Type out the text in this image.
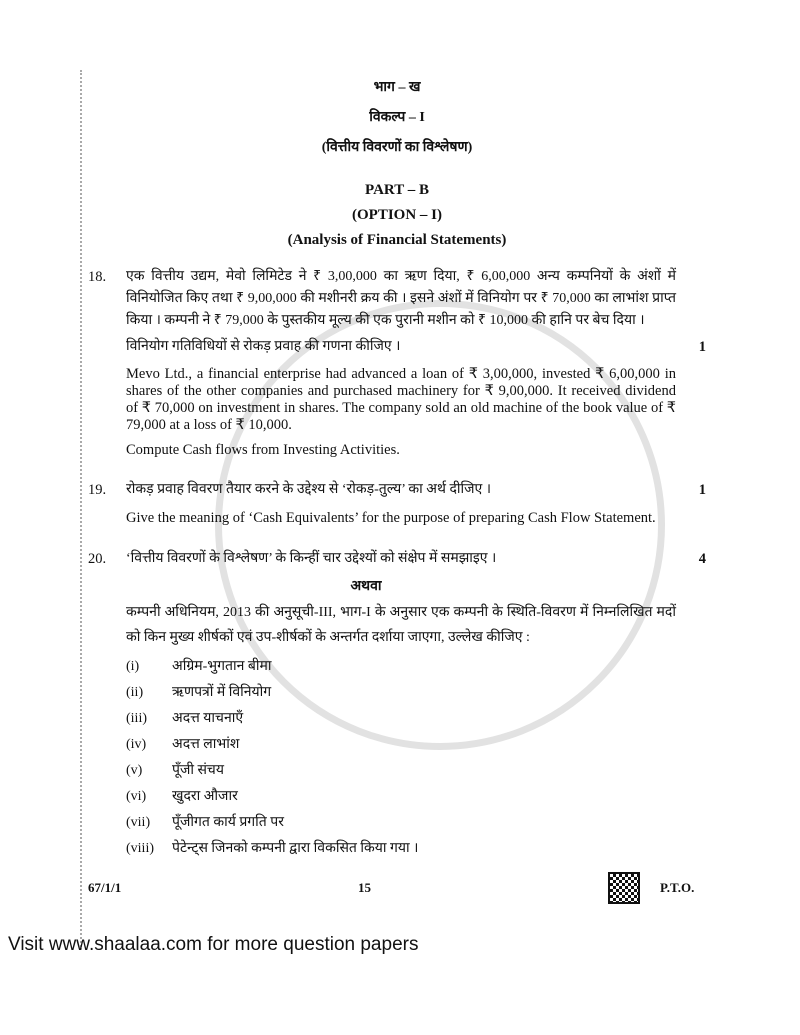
भाग – ख

विकल्प – I

(वित्तीय विवरणों का विश्लेषण)

PART – B

(OPTION – I)

(Analysis of Financial Statements)

18.	एक वित्तीय उद्यम, मेवो लिमिटेड ने ₹ 3,00,000 का ऋण दिया, ₹ 6,00,000 अन्य कम्पनियों के अंशों में विनियोजित किए तथा ₹ 9,00,000 की मशीनरी क्रय की । इसने अंशों में विनियोग पर ₹ 70,000 का लाभांश प्राप्त किया । कम्पनी ने ₹ 79,000 के पुस्तकीय मूल्य की एक पुरानी मशीन को ₹ 10,000 की हानि पर बेच दिया ।

विनियोग गतिविधियों से रोकड़ प्रवाह की गणना कीजिए ।	1

Mevo Ltd., a financial enterprise had advanced a loan of ₹ 3,00,000, invested ₹ 6,00,000 in shares of the other companies and purchased machinery for ₹ 9,00,000. It received dividend of ₹ 70,000 on investment in shares. The company sold an old machine of the book value of ₹ 79,000 at a loss of ₹ 10,000.

Compute Cash flows from Investing Activities.

19.	रोकड़ प्रवाह विवरण तैयार करने के उद्देश्य से ‘रोकड़-तुल्य’ का अर्थ दीजिए ।	1

Give the meaning of ‘Cash Equivalents’ for the purpose of preparing Cash Flow Statement.

20.	‘वित्तीय विवरणों के विश्लेषण’ के किन्हीं चार उद्देश्यों को संक्षेप में समझाइए ।	4
अथवा

कम्पनी अधिनियम, 2013 की अनुसूची-III, भाग-I के अनुसार एक कम्पनी के स्थिति-विवरण में निम्नलिखित मदों को किन मुख्य शीर्षकों एवं उप-शीर्षकों के अन्तर्गत दर्शाया जाएगा, उल्लेख कीजिए :

(i)	अग्रिम-भुगतान बीमा
(ii)	ऋणपत्रों में विनियोग
(iii)	अदत्त याचनाएँ
(iv)	अदत्त लाभांश
(v)	पूँजी संचय
(vi)	खुदरा औजार
(vii)	पूँजीगत कार्य प्रगति पर
(viii)	पेटेन्ट्स जिनको कम्पनी द्वारा विकसित किया गया ।
67/1/1	15	P.T.O.
Visit www.shaalaa.com for more question papers
